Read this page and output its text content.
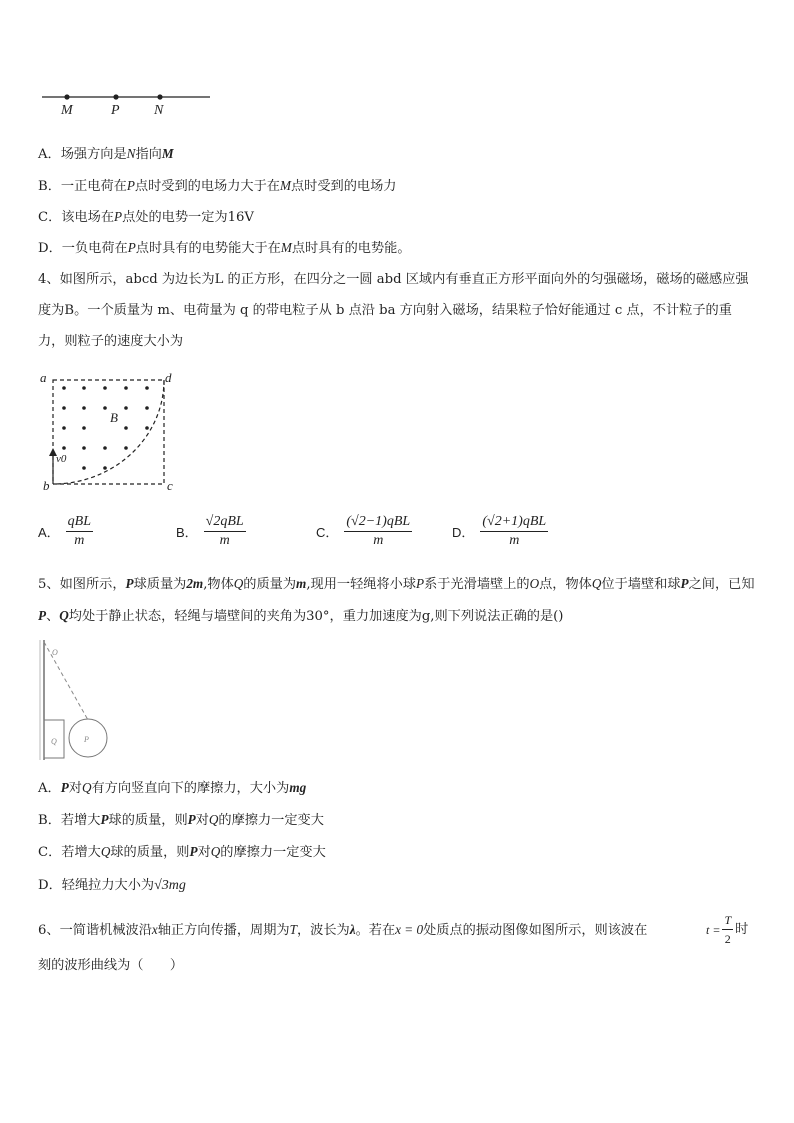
M	P N
A．场强方向是N指向M
B．一正电荷在P点时受到的电场力大于在M点时受到的电场力
C．该电场在P点处的电势一定为16V
D．一负电荷在P点时具有的电势能大于在M点时具有的电势能。
4、如图所示，abcd 为边长为L 的正方形，在四分之一圆 abd 区域内有垂直正方形平面向外的匀强磁场，磁场的磁感应强度为B。一个质量为 m、电荷量为 q 的带电粒子从 b 点沿 ba 方向射入磁场，结果粒子恰好能通过 c 点，不计粒子的重力，则粒子的速度大小为
v0
B
a	d
b	c
A． $\frac{\text{qBL}}{m}$	B． $\frac{\text{√2qBL}}{m}$	C． $\frac{\text{(√2−1)qBL}}{m}$	D． $\frac{\text{(√2+1)qBL}}{m}$
5、如图所示，P球质量为2m,物体Q的质量为m,现用一轻绳将小球P系于光滑墙壁上的O点，物体Q位于墙壁和球P之间，已知P、Q均处于静止状态，轻绳与墙壁间的夹角为30°，重力加速度为g,则下列说法正确的是()
O
Q	P
A．P对Q有方向竖直向下的摩擦力，大小为mg
B．若增大P球的质量，则P对Q的摩擦力一定变大
C．若增大Q球的质量，则P对Q的摩擦力一定变大
D．轻绳拉力大小为√3mg
6、一简谐机械波沿x轴正方向传播，周期为T，波长为λ。若在x = 0处质点的振动图像如图所示，则该波在	$t = \frac{T}{2}$ 时
刻的波形曲线为（　　）
